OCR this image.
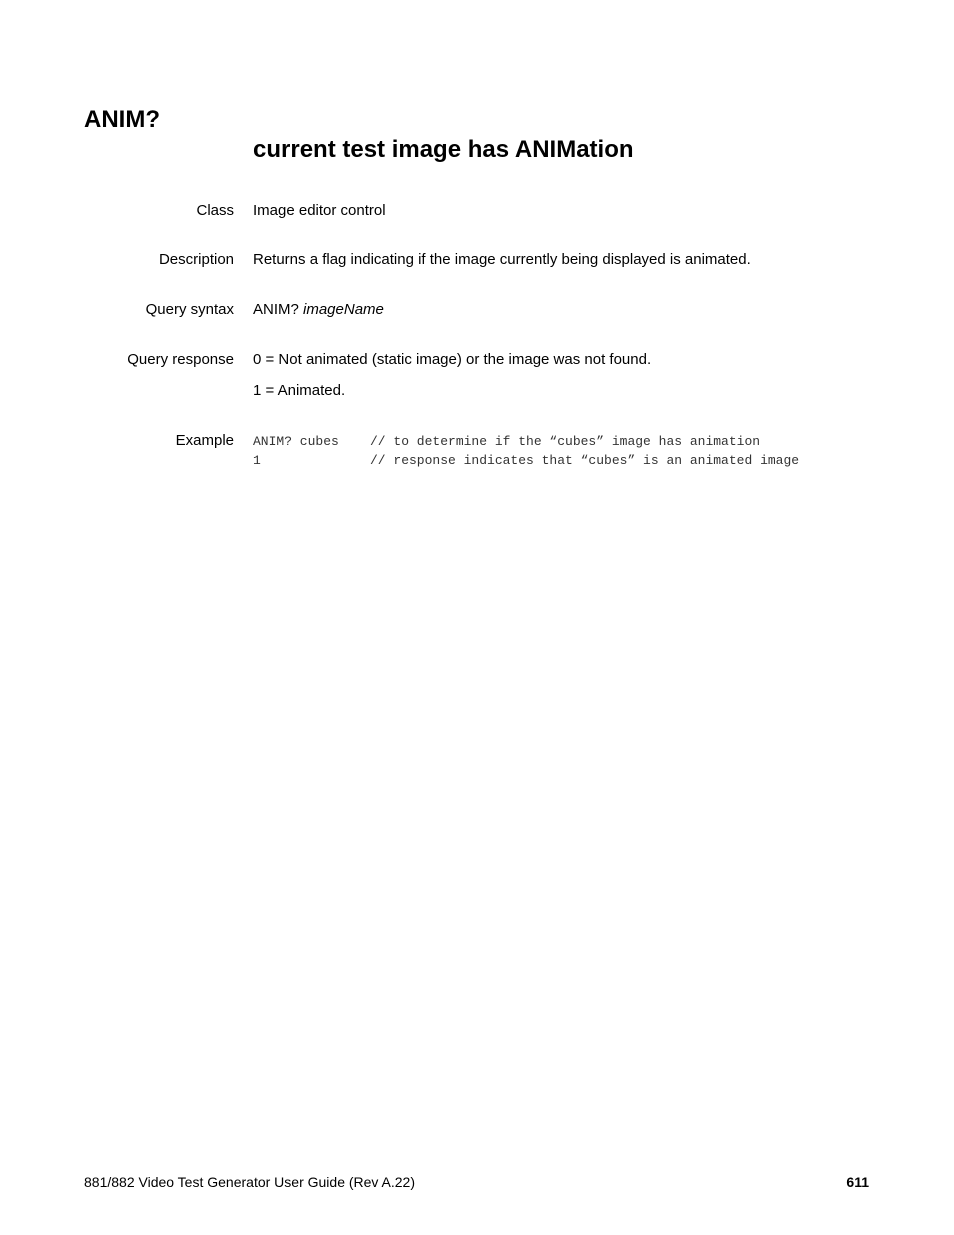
ANIM?
current test image has ANIMation
Class Image editor control
Description Returns a flag indicating if the image currently being displayed is animated.
Query syntax ANIM? imageName
Query response 0 = Not animated (static image) or the image was not found.
1 = Animated.
Example ANIM? cubes // to determine if the “cubes” image has animation
1	// response indicates that “cubes” is an animated image
881/882 Video Test Generator User Guide (Rev A.22)	611
